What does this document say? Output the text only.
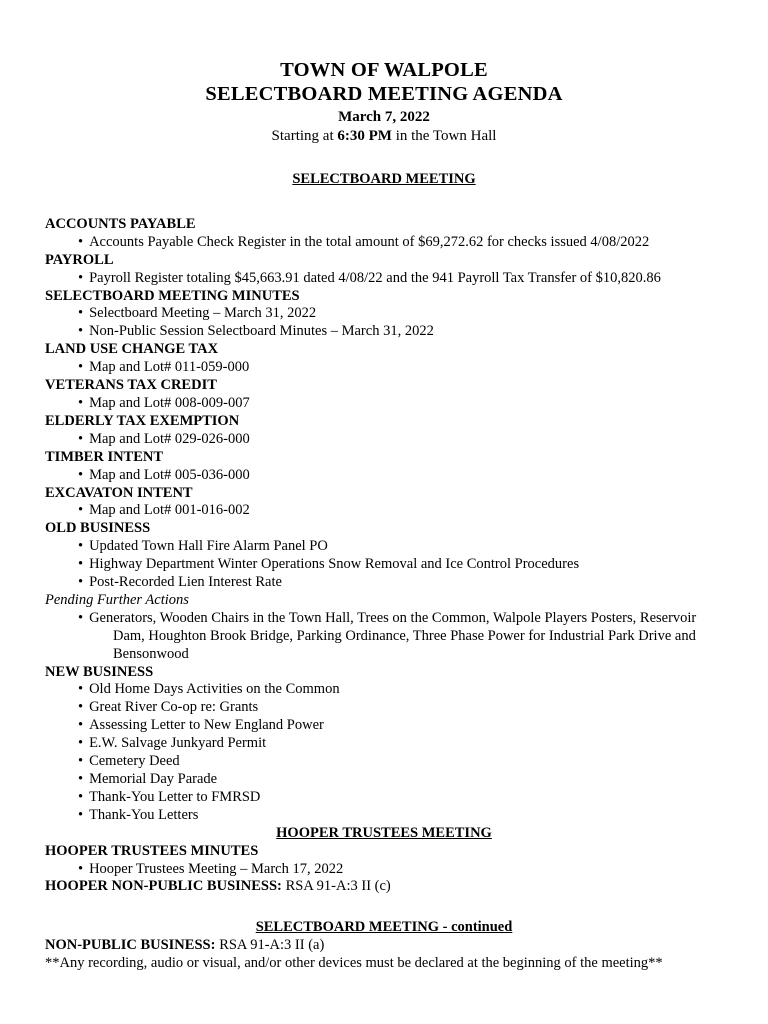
TOWN OF WALPOLE
SELECTBOARD MEETING AGENDA
March 7, 2022
Starting at 6:30 PM in the Town Hall
SELECTBOARD MEETING
ACCOUNTS PAYABLE
• Accounts Payable Check Register in the total amount of $69,272.62 for checks issued 4/08/2022
PAYROLL
• Payroll Register totaling $45,663.91 dated 4/08/22 and the 941 Payroll Tax Transfer of $10,820.86
SELECTBOARD MEETING MINUTES
• Selectboard Meeting – March 31, 2022
• Non-Public Session Selectboard Minutes – March 31, 2022
LAND USE CHANGE TAX
• Map and Lot# 011-059-000
VETERANS TAX CREDIT
• Map and Lot# 008-009-007
ELDERLY TAX EXEMPTION
• Map and Lot# 029-026-000
TIMBER INTENT
• Map and Lot# 005-036-000
EXCAVATON INTENT
• Map and Lot# 001-016-002
OLD BUSINESS
• Updated Town Hall Fire Alarm Panel PO
• Highway Department Winter Operations Snow Removal and Ice Control Procedures
• Post-Recorded Lien Interest Rate
Pending Further Actions
• Generators, Wooden Chairs in the Town Hall, Trees on the Common, Walpole Players Posters, Reservoir Dam, Houghton Brook Bridge, Parking Ordinance, Three Phase Power for Industrial Park Drive and Bensonwood
NEW BUSINESS
• Old Home Days Activities on the Common
• Great River Co-op re: Grants
• Assessing Letter to New England Power
• E.W. Salvage Junkyard Permit
• Cemetery Deed
• Memorial Day Parade
• Thank-You Letter to FMRSD
• Thank-You Letters
HOOPER TRUSTEES MEETING
HOOPER TRUSTEES MINUTES
• Hooper Trustees Meeting – March 17, 2022
HOOPER NON-PUBLIC BUSINESS: RSA 91-A:3 II (c)
SELECTBOARD MEETING - continued
NON-PUBLIC BUSINESS: RSA 91-A:3 II (a)
**Any recording, audio or visual, and/or other devices must be declared at the beginning of the meeting**
